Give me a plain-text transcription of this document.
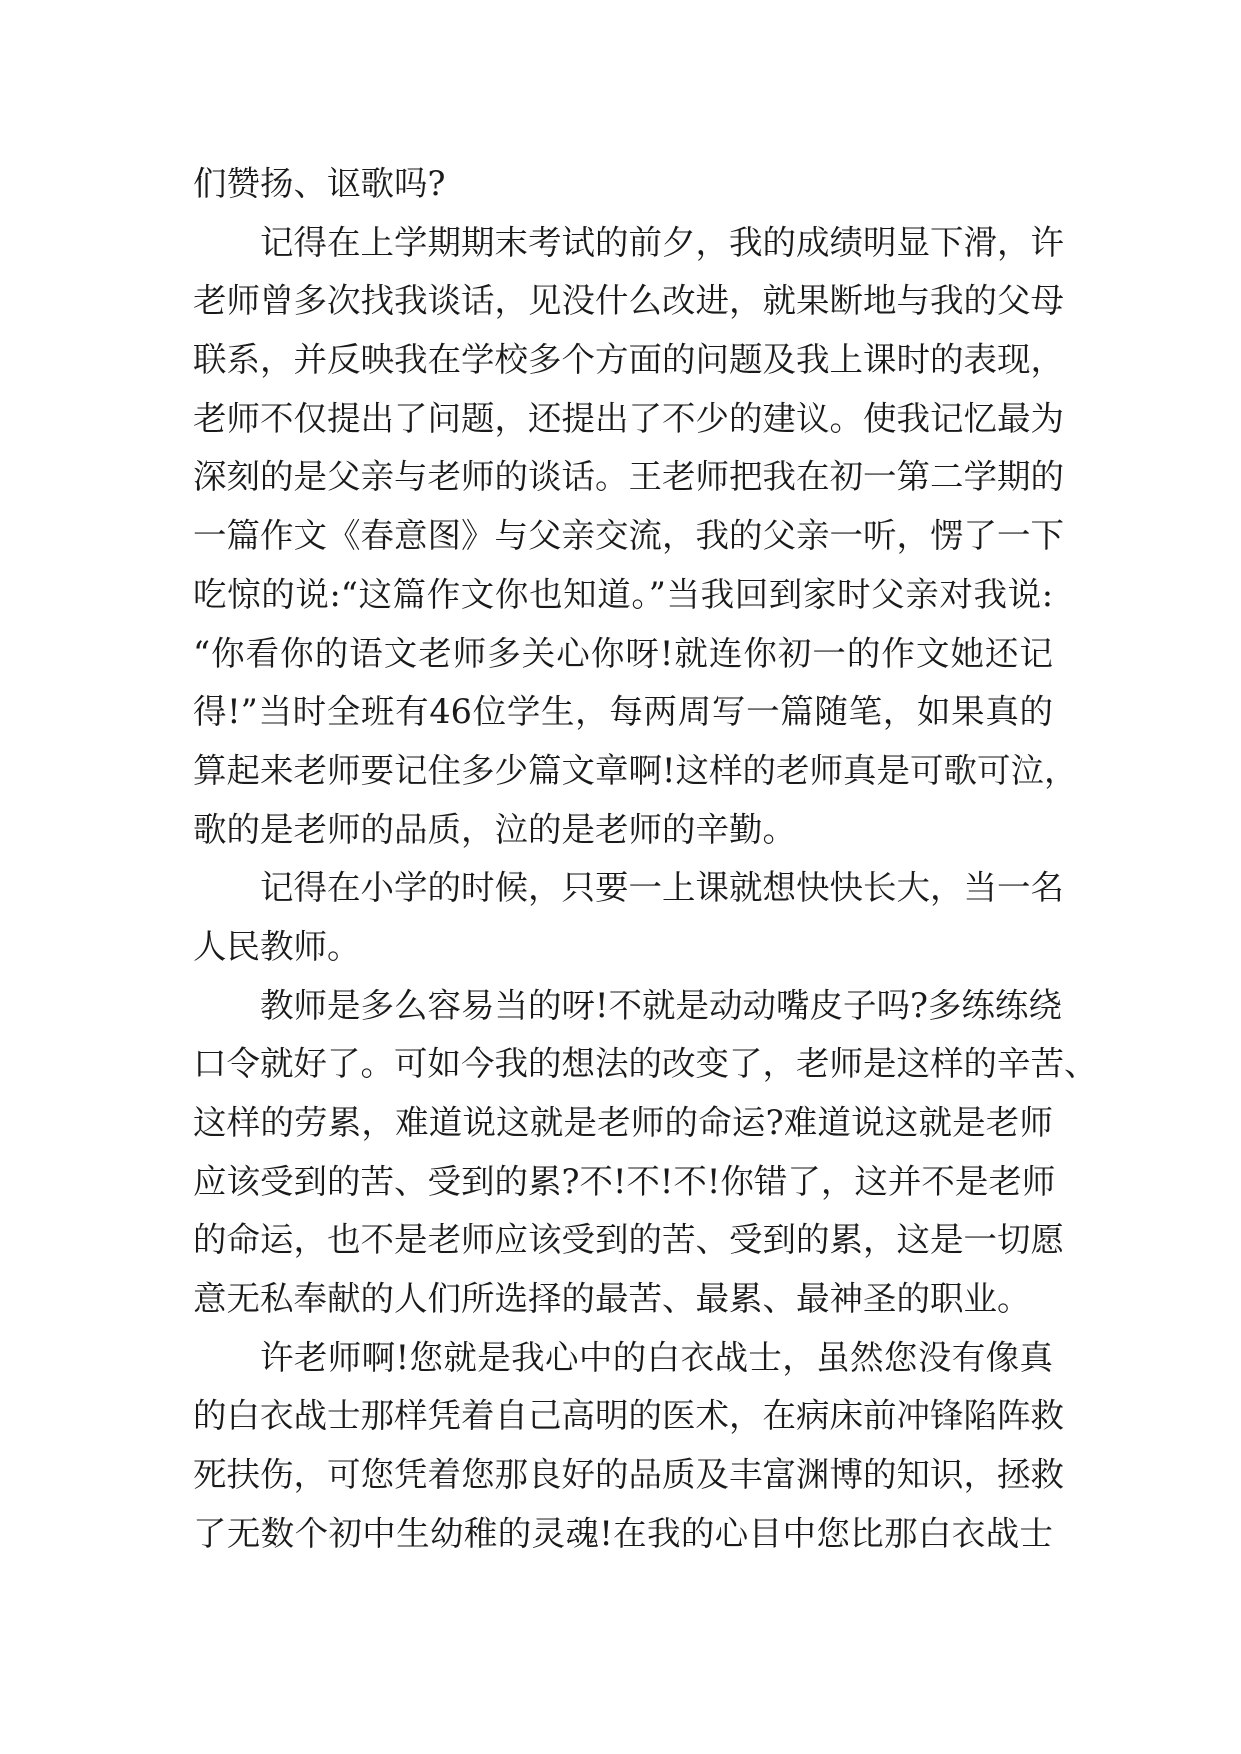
们赞扬、讴歌吗?
记得在上学期期末考试的前夕，我的成绩明显下滑，许
老师曾多次找我谈话，见没什么改进，就果断地与我的父母
联系，并反映我在学校多个方面的问题及我上课时的表现，
老师不仅提出了问题，还提出了不少的建议。使我记忆最为
深刻的是父亲与老师的谈话。王老师把我在初一第二学期的
一篇作文《春意图》与父亲交流，我的父亲一听，愣了一下
吃惊的说:“这篇作文你也知道。”当我回到家时父亲对我说:
“你看你的语文老师多关心你呀!就连你初一的作文她还记
得!”当时全班有46位学生，每两周写一篇随笔，如果真的
算起来老师要记住多少篇文章啊!这样的老师真是可歌可泣，
歌的是老师的品质，泣的是老师的辛勤。
记得在小学的时候，只要一上课就想快快长大，当一名
人民教师。
教师是多么容易当的呀!不就是动动嘴皮子吗?多练练绕
口令就好了。可如今我的想法的改变了，老师是这样的辛苦、
这样的劳累，难道说这就是老师的命运?难道说这就是老师
应该受到的苦、受到的累?不!不!不!你错了，这并不是老师
的命运，也不是老师应该受到的苦、受到的累，这是一切愿
意无私奉献的人们所选择的最苦、最累、最神圣的职业。
许老师啊!您就是我心中的白衣战士，虽然您没有像真
的白衣战士那样凭着自己高明的医术，在病床前冲锋陷阵救
死扶伤，可您凭着您那良好的品质及丰富渊博的知识，拯救
了无数个初中生幼稚的灵魂!在我的心目中您比那白衣战士
